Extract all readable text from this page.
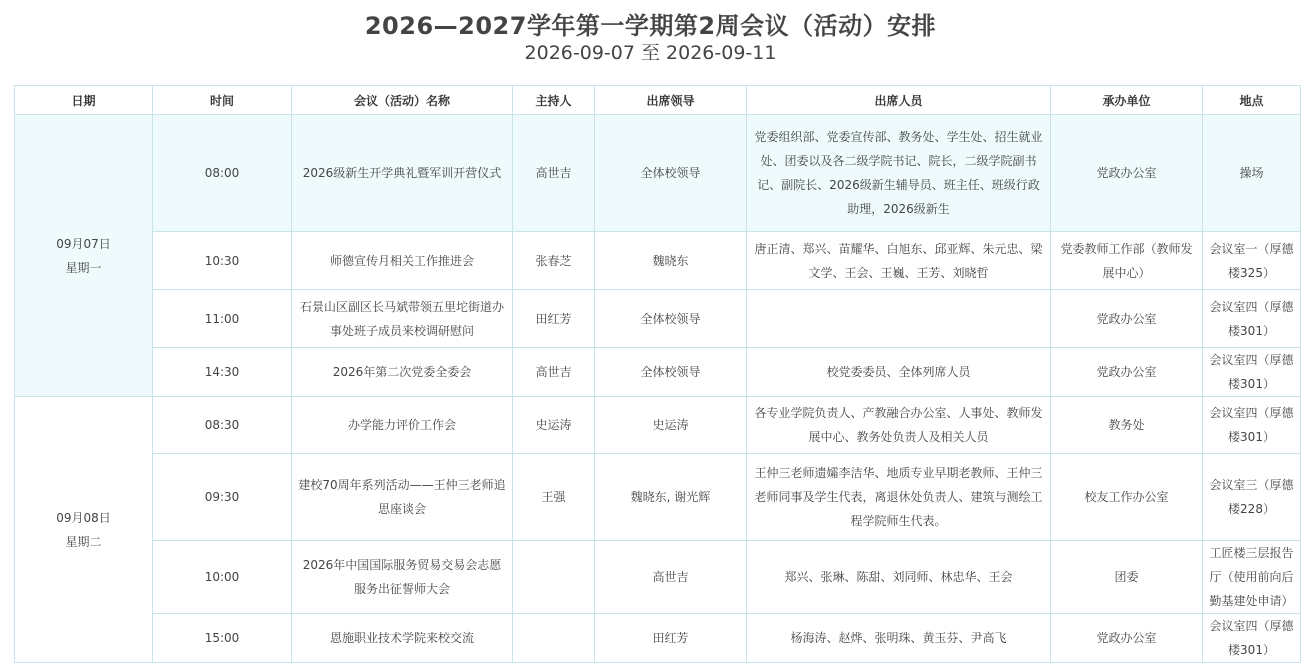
2026—2027学年第一学期第2周会议（活动）安排
2026-09-07 至 2026-09-11
日期	时间	会议（活动）名称	主持人	出席领导	出席人员	承办单位	地点

09月07日
星期一	08:00	2026级新生开学典礼暨军训开营仪式	高世吉	全体校领导	党委组织部、党委宣传部、教务处、学生处、招生就业处、团委以及各二级学院书记、院长，二级学院副书记、副院长、2026级新生辅导员、班主任、班级行政助理，2026级新生	党政办公室	操场
	10:30	师德宣传月相关工作推进会	张春芝	魏晓东	唐正清、郑兴、苗耀华、白旭东、邱亚辉、朱元忠、梁文学、王会、王巍、王芳、刘晓哲	党委教师工作部（教师发展中心）	会议室一（厚德楼325）
	11:00	石景山区副区长马斌带领五里坨街道办事处班子成员来校调研慰问	田红芳	全体校领导		党政办公室	会议室四（厚德楼301）
	14:30	2026年第二次党委全委会	高世吉	全体校领导	校党委委员、全体列席人员	党政办公室	会议室四（厚德楼301）

09月08日
星期二	08:30	办学能力评价工作会	史运涛	史运涛	各专业学院负责人、产教融合办公室、人事处、教师发展中心、教务处负责人及相关人员	教务处	会议室四（厚德楼301）
	09:30	建校70周年系列活动——王仲三老师追思座谈会	王强	魏晓东, 谢光辉	王仲三老师遗孀李洁华、地质专业早期老教师、王仲三老师同事及学生代表，离退休处负责人、建筑与测绘工程学院师生代表。	校友工作办公室	会议室三（厚德楼228）
	10:00	2026年中国国际服务贸易交易会志愿服务出征誓师大会		高世吉	郑兴、张琳、陈甜、刘同师、林忠华、王会	团委	工匠楼三层报告厅（使用前向后勤基建处申请）
	15:00	恩施职业技术学院来校交流		田红芳	杨海涛、赵烨、张明珠、黄玉芬、尹高飞	党政办公室	会议室四（厚德楼301）
